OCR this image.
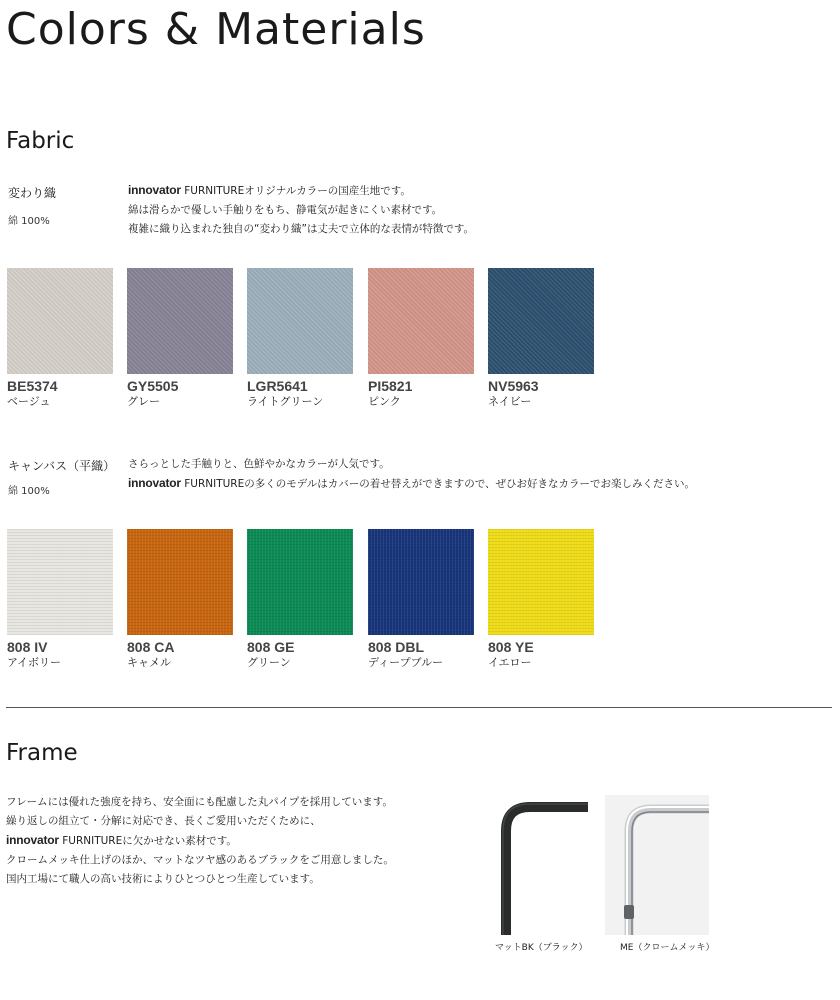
Colors & Materials
Fabric
変わり織
綿 100%
innovator FURNITUREオリジナルカラーの国産生地です。
綿は滑らかで優しい手触りをもち、静電気が起きにくい素材です。
複雑に織り込まれた独自の“変わり織”は丈夫で立体的な表情が特徴です。
BE5374
ベージュ
GY5505
グレー
LGR5641
ライトグリーン
PI5821
ピンク
NV5963
ネイビー
キャンバス（平織）
綿 100%
さらっとした手触りと、色鮮やかなカラーが人気です。
innovator FURNITUREの多くのモデルはカバーの着せ替えができますので、ぜひお好きなカラーでお楽しみください。
808 IV
アイボリー
808 CA
キャメル
808 GE
グリーン
808 DBL
ディープブルー
808 YE
イエロー
Frame
フレームには優れた強度を持ち、安全面にも配慮した丸パイプを採用しています。
繰り返しの組立て・分解に対応でき、長くご愛用いただくために、
innovator FURNITUREに欠かせない素材です。
クロームメッキ仕上げのほか、マットなツヤ感のあるブラックをご用意しました。
国内工場にて職人の高い技術によりひとつひとつ生産しています。
マットBK（ブラック）	ME（クロームメッキ）
